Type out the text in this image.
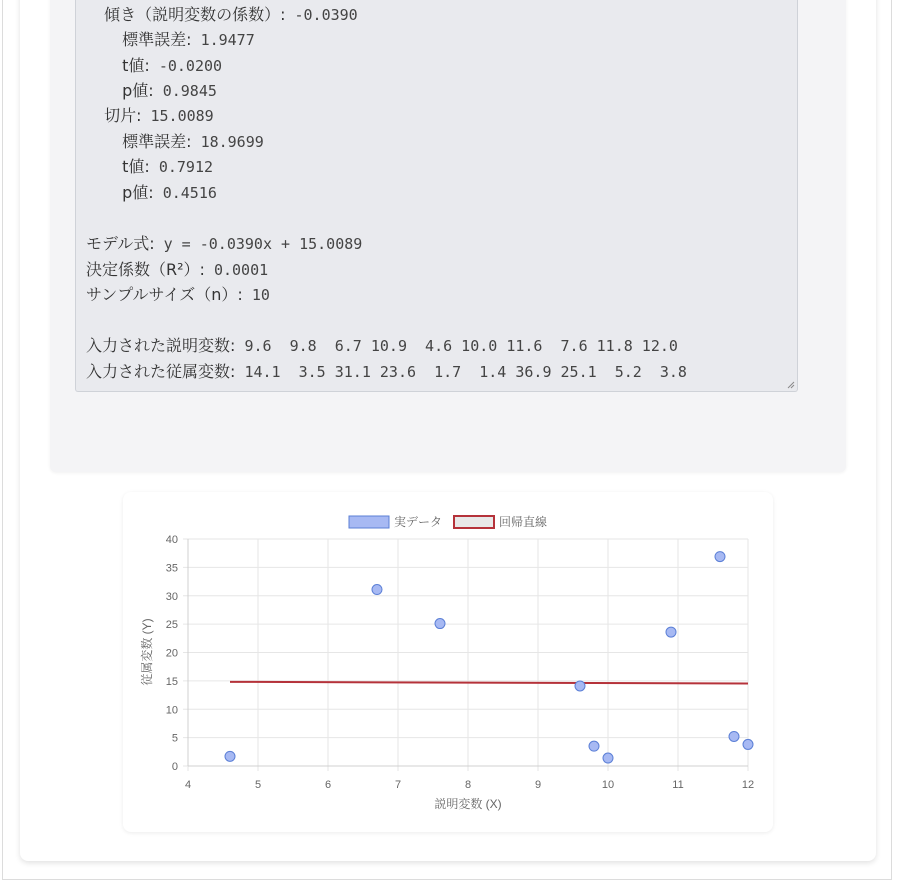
傾き（説明変数の係数）: -0.0390
標準誤差: 1.9477
t値: -0.0200
p値: 0.9845
切片: 15.0089
標準誤差: 18.9699
t値: 0.7912
p値: 0.4516
モデル式: y = -0.0390x + 15.0089
決定係数（R²）: 0.0001
サンプルサイズ（n）: 10
入力された説明変数: 9.6  9.8  6.7 10.9  4.6 10.0 11.6  7.6 11.8 12.0
入力された従属変数: 14.1  3.5 31.1 23.6  1.7  1.4 36.9 25.1  5.2  3.8
4	5	6	7	8	9	10	11	12
0
5
10
15
20
25
30
35
40
実データ	回帰直線
説明変数 (X)
従属変数 (Y)
